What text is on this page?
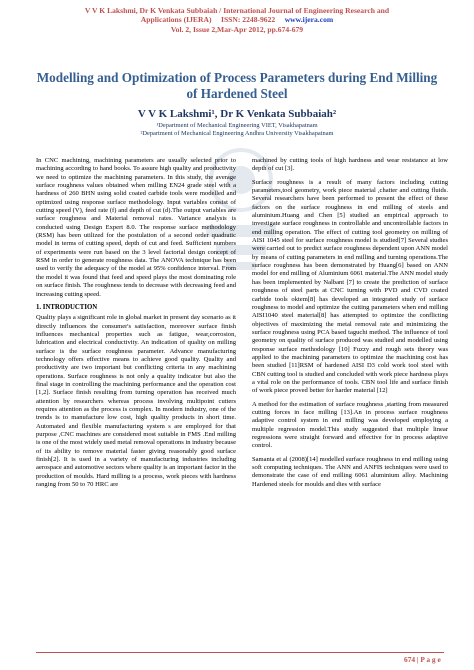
V V K Lakshmi, Dr K Venkata Subbaiah / International Journal of Engineering Research and
Applications (IJERA) ISSN: 2248-9622 www.ijera.com
Vol. 2, Issue 2,Mar-Apr 2012, pp.674-679
Modelling and Optimization of Process Parameters during End Milling
of Hardened Steel
V V K Lakshmi¹, Dr K Venkata Subbaiah²
¹Department of Mechanical Engineering VIET, Visakhapatnam
²Department of Mechanical Engineering Andhra University Visakhapatnam

In CNC machining, machining parameters are usually selected prior to machining according to hand books. To assure high quality and productivity we need to optimize the machining parameters. In this study, the average surface roughness values obtained when milling EN24 grade steel with a hardness of 260 BHN using solid coated carbide tools were modelled and optimized using response surface methodology. Input variables consist of cutting speed (V), feed rate (f) and depth of cut (d).The output variables are surface roughness and Material removal rates. Variance analysis is conducted using Design Expert 8.0. The response surface methodology (RSM) has been utilized for the postulation of a second order quadratic model in terms of cutting speed, depth of cut and feed. Sufficient numbers of experiments were run based on the 3 level factorial design concept of RSM in order to generate roughness data. The ANOVA technique has been used to verify the adequacy of the model at 95% confidence interval. From the model it was found that feed and speed plays the most dominating role on surface finish. The roughness tends to decrease with decreasing feed and increasing cutting speed.

1. INTRODUCTION

Quality plays a significant role in global market in present day scenario as it directly influences the consumer's satisfaction, moreover surface finish influences mechanical properties such as fatigue, wear,corrosion, lubrication and electrical conductivity. An indication of quality on milling surface is the surface roughness parameter. Advance manufacturing technology offers effective means to achieve good quality. Quality and productivity are two important but conflicting criteria in any machining operations. Surface roughness is not only a quality indicator but also the final stage in controlling the machining performance and the operation cost [1,2]. Surface finish resulting from turning operation has received much attention by researchers whereas process involving multipoint cutters requires attention as the process is complex. In modern industry, one of the trends is to manufacture low cost, high quality products in short time. Automated and flexible manufacturing system s are employed for that purpose ,CNC machines are considered most suitable in FMS .End milling is one of the most widely used metal removal operations in industry because of its ability to remove material faster giving reasonably good surface finish[2]. It is used in a variety of manufacturing industries including aerospace and automotive sectors where quality is an important factor in the production of moulds. Hard milling is a process, work pieces with hardness ranging from 50 to 70 HRC are

machined by cutting tools of high hardness and wear resistance at low depth of cut [3].

Surface roughness is a result of many factors including cutting parameters,tool geometry, work piece material ,chatter and cutting fluids. Several researchers have been performed to present the effect of these factors on the surface roughness in end milling of steels and aluminium.Huang and Chen [5] studied an empirical approach to investigate surface roughness in controllable and uncontrollable factors in end milling operation. The effect of cutting tool geometry on milling of AISI 1045 steel for surface roughness model is studied[7] Several studies were carried out to predict surface roughness dependent upon ANN model by means of cutting parameters in end milling and turning operations.The surface roughness has been demonstrated by Huang[6] based on ANN model for end milling of Aluminium 6061 material.The ANN model study has been implemented by Nalbant [7] to create the prediction of surface roughness of steel parts at CNC turning with PVD and CVD coated carbide tools oktem[8] has developed an integrated study of surface roughness to model and optimize the cutting parameters when end milling AISI1040 steel material[8] has attempted to optimize the conflicting objectives of maximizing the metal removal rate and minimizing the surface roughness using PCA based taguchi method. The influence of tool geometry on quality of surface produced was studied and modelled using response surface methodology [10] Fuzzy and rough sets theory was applied to the machining parameters to optimize the machining cost has been studied [11]RSM of hardened AISI D3 cold work tool steel with CBN cutting tool is studied and concluded with work piece hardness plays a vital role on the performance of tools. CBN tool life and surface finish of work piece proved better for harder material [12]

A method for the estimation of surface roughness ,starting from measured cutting forces in face milling [13].An in process surface roughness adaptive control system in end milling was developed employing a multiple regression model.This study suggested that multiple linear regressions were straight forward and effective for in process adaptive control.

Samanta et al (2008)[14] modelled surface roughness in end milling using soft computing techniques. The ANN and ANFIS techniques were used to demonstrate the case of end milling 6061 aluminium alloy. Machining Hardened steels for moulds and dies with surface

674 | P a g e
